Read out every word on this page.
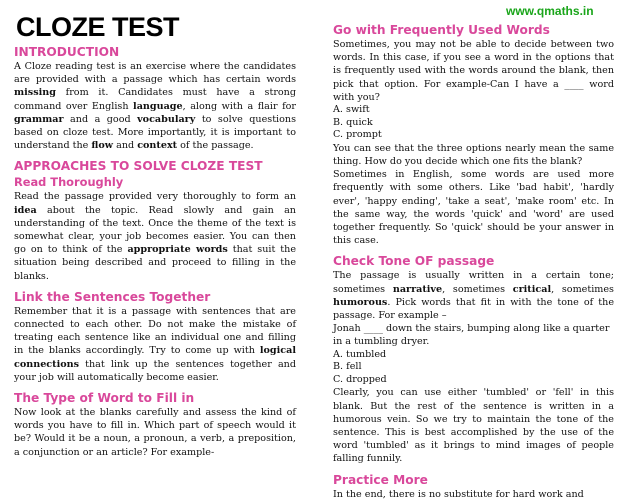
www.qmaths.in
CLOZE TEST
INTRODUCTION

A Cloze reading test is an exercise where the candidates are provided with a passage which has certain words missing from it. Candidates must have a strong command over English language, along with a flair for grammar and a good vocabulary to solve questions based on cloze test. More importantly, it is important to understand the flow and context of the passage.

APPROACHES TO SOLVE CLOZE TEST
Read Thoroughly

Read the passage provided very thoroughly to form an idea about the topic. Read slowly and gain an understanding of the text. Once the theme of the text is somewhat clear, your job becomes easier. You can then go on to think of the appropriate words that suit the situation being described and proceed to filling in the blanks.

Link the Sentences Together

Remember that it is a passage with sentences that are connected to each other. Do not make the mistake of treating each sentence like an individual one and filling in the blanks accordingly. Try to come up with logical connections that link up the sentences together and your job will automatically become easier.

The Type of Word to Fill in

Now look at the blanks carefully and assess the kind of words you have to fill in. Which part of speech would it be? Would it be a noun, a pronoun, a verb, a preposition, a conjunction or an article? For example-

Go with Frequently Used Words

Sometimes, you may not be able to decide between two words. In this case, if you see a word in the options that is frequently used with the words around the blank, then pick that option. For example-Can I have a ____ word with you?

A. swift
B. quick
C. prompt

You can see that the three options nearly mean the same thing. How do you decide which one fits the blank?

Sometimes in English, some words are used more frequently with some others. Like 'bad habit', 'hardly ever', 'happy ending', 'take a seat', 'make room' etc. In the same way, the words 'quick' and 'word' are used together frequently. So 'quick' should be your answer in this case.

Check Tone OF passage

The passage is usually written in a certain tone; sometimes narrative, sometimes critical, sometimes humorous. Pick words that fit in with the tone of the passage. For example –

Jonah ____ down the stairs, bumping along like a quarter in a tumbling dryer.

A. tumbled
B. fell
C. dropped

Clearly, you can use either 'tumbled' or 'fell' in this blank. But the rest of the sentence is written in a humorous vein. So we try to maintain the tone of the sentence. This is best accomplished by the use of the word 'tumbled' as it brings to mind images of people falling funnily.

Practice More

In the end, there is no substitute for hard work and
